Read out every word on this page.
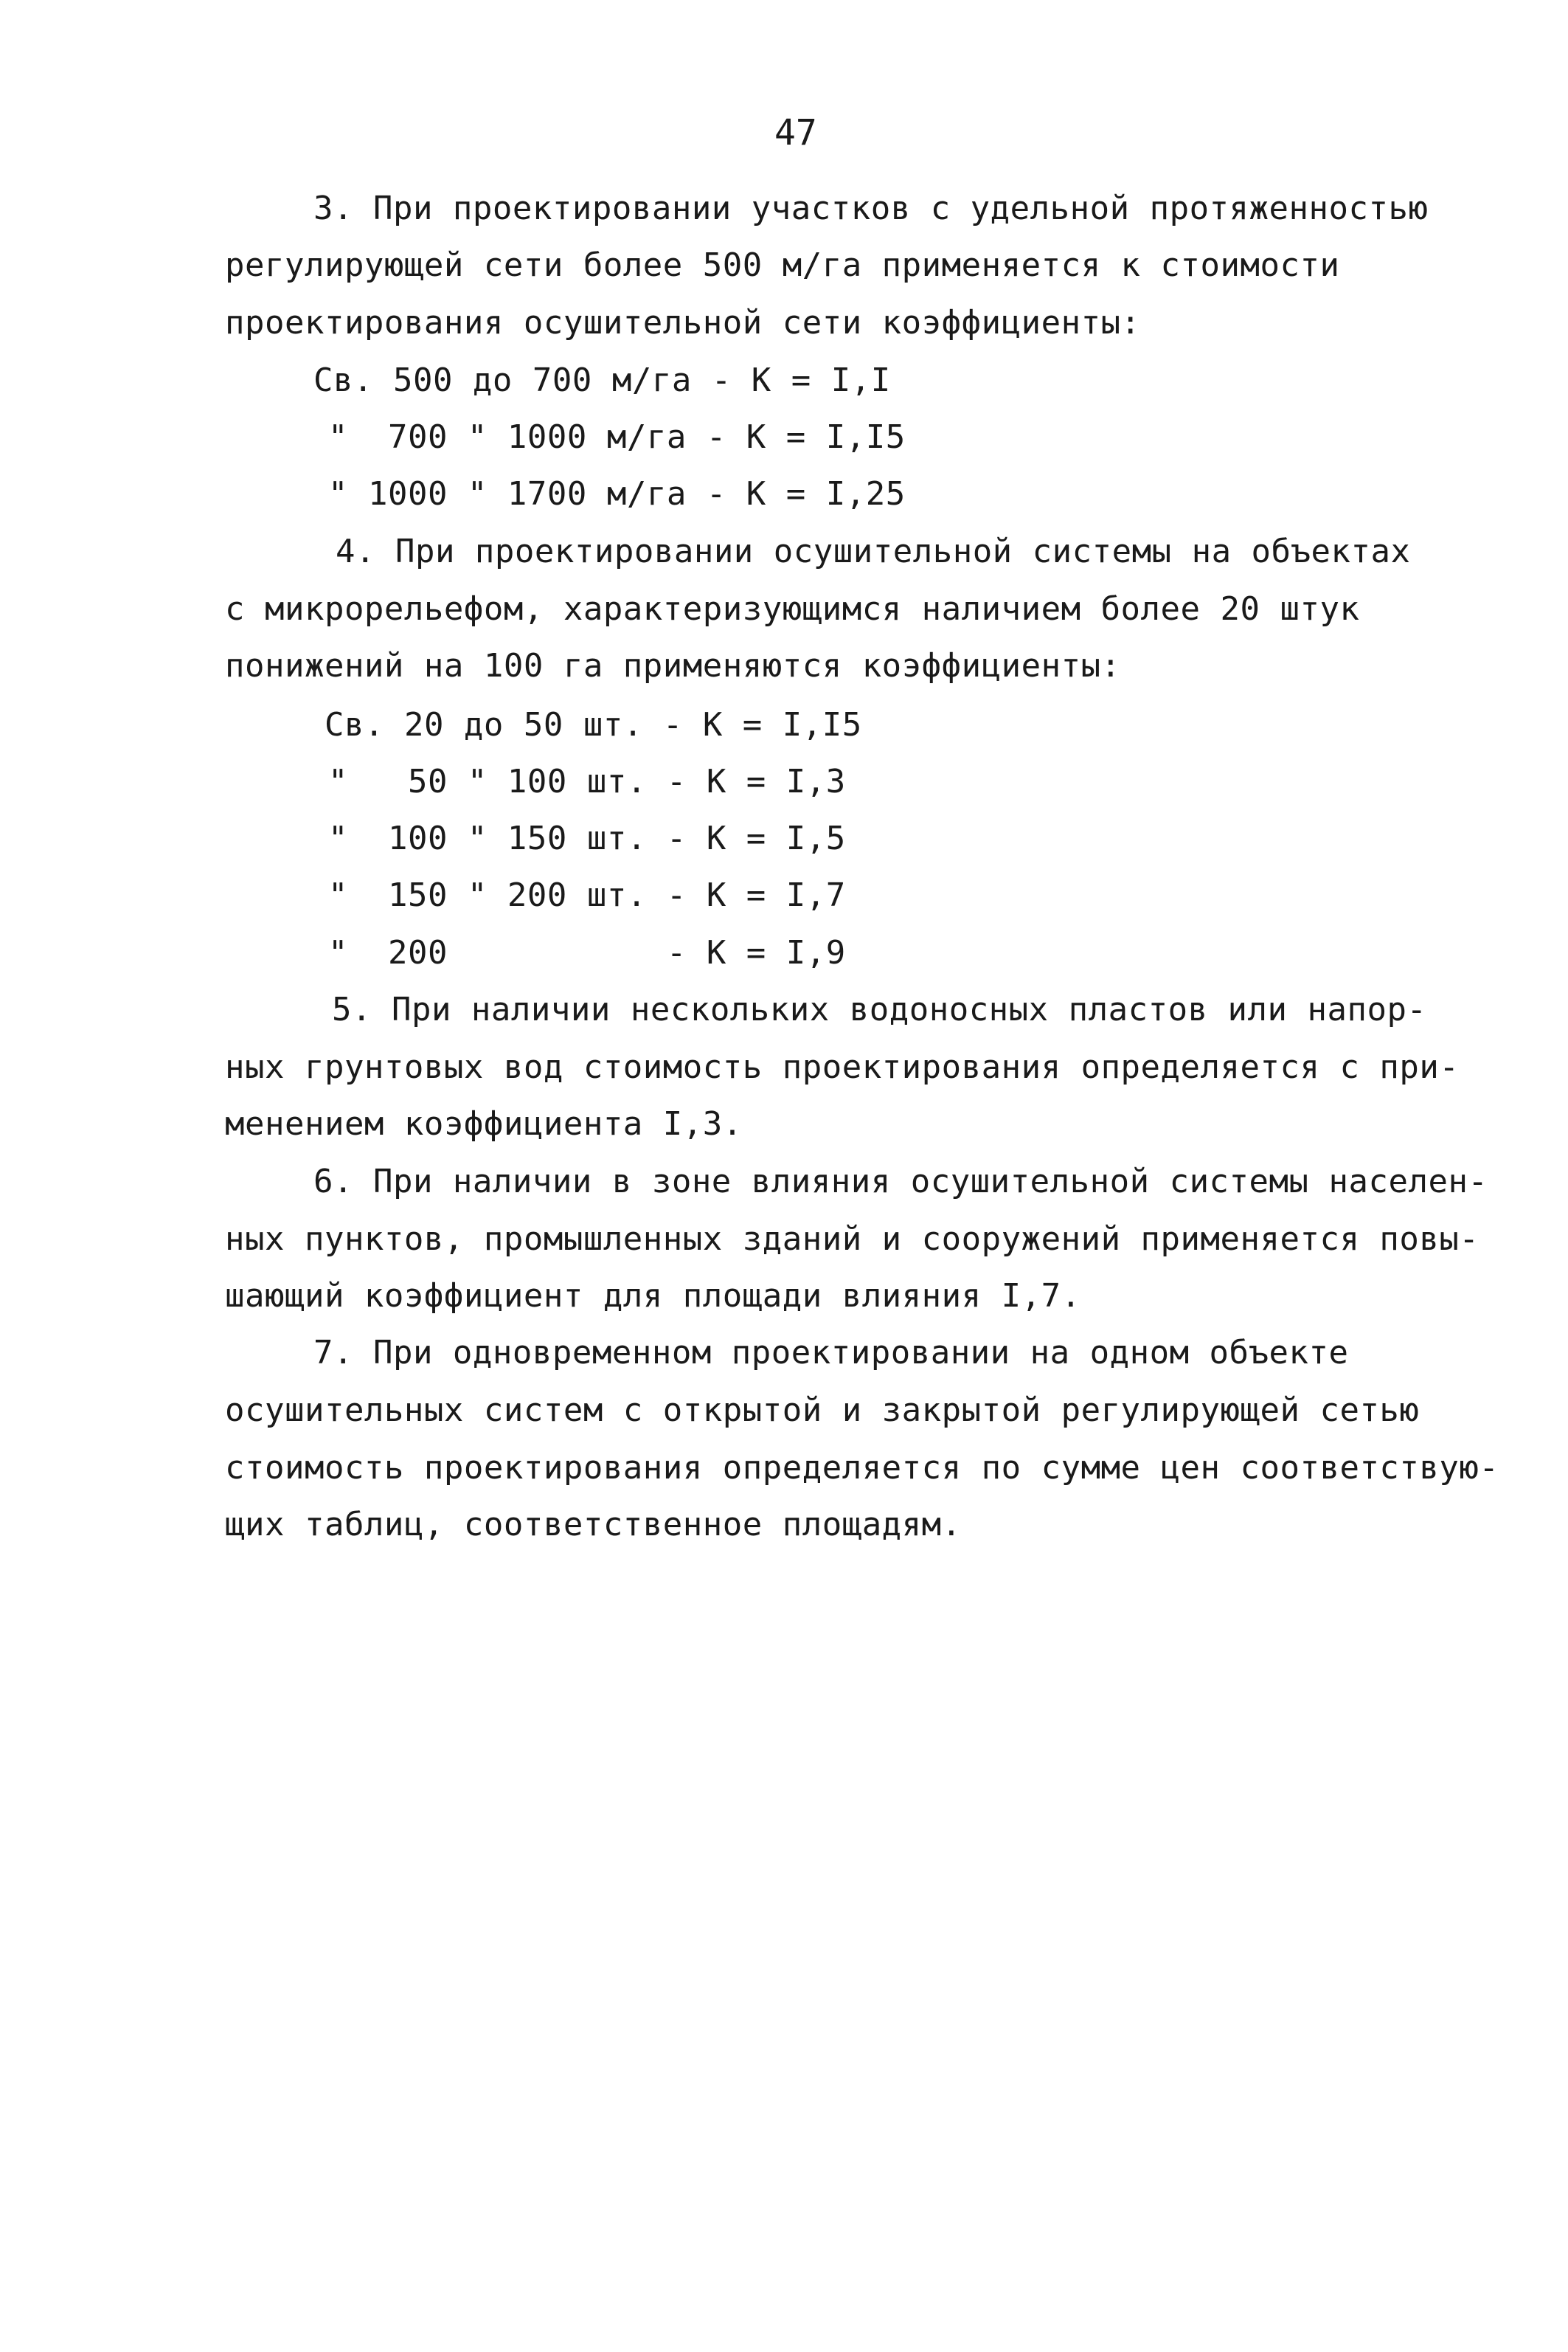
47
3. При проектировании участков с удельной протяженностью
регулирующей сети более 500 м/га применяется к стоимости
проектирования осушительной сети коэффициенты:
Св. 500 до 700 м/га - К = I,I
"  700 " 1000 м/га - К = I,I5
" 1000 " 1700 м/га - К = I,25
4. При проектировании осушительной системы на объектах
с микрорельефом, характеризующимся наличием более 20 штук
понижений на 100 га применяются коэффициенты:
Св. 20 до 50 шт. - К = I,I5
"   50 " 100 шт. - К = I,3
"  100 " 150 шт. - К = I,5
"  150 " 200 шт. - К = I,7
"  200           - К = I,9
5. При наличии нескольких водоносных пластов или напор-
ных грунтовых вод стоимость проектирования определяется с при-
менением коэффициента I,3.
6. При наличии в зоне влияния осушительной системы населен-
ных пунктов, промышленных зданий и сооружений применяется повы-
шающий коэффициент для площади влияния I,7.
7. При одновременном проектировании на одном объекте
осушительных систем с открытой и закрытой регулирующей сетью
стоимость проектирования определяется по сумме цен соответствую-
щих таблиц, соответственное площадям.
